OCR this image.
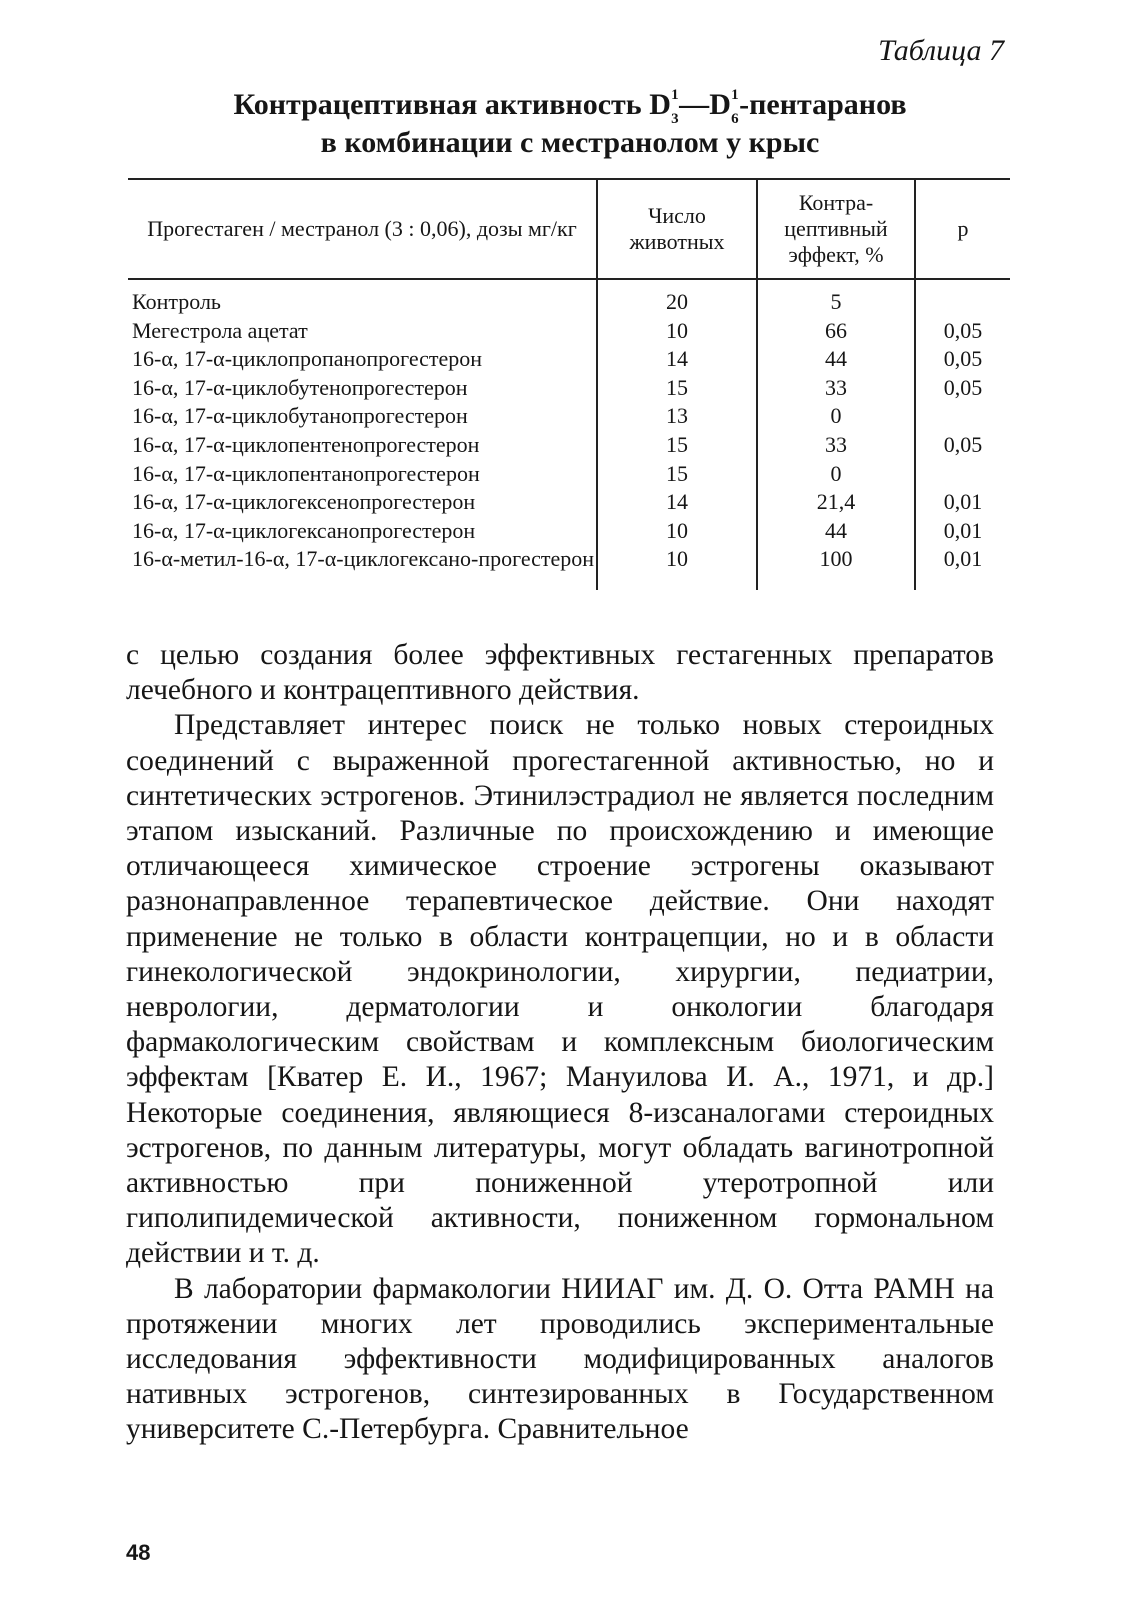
Таблица 7
Контрацептивная активность D 1
3 —D 1
6 -пентаранов
в комбинации с местранолом у крыс
Прогестаген / местранол (3 : 0,06), дозы мг/кг	Число животных	Контра-цептивный эффект, %	p
Контроль	20	5	
Мегестрола ацетат	10	66	0,05
16-α, 17-α-циклопропанопрогестерон	14	44	0,05
16-α, 17-α-циклобутенопрогестерон	15	33	0,05
16-α, 17-α-циклобутанопрогестерон	13	0	
16-α, 17-α-циклопентенопрогестерон	15	33	0,05
16-α, 17-α-циклопентанопрогестерон	15	0	
16-α, 17-α-циклогексенопрогестерон	14	21,4	0,01
16-α, 17-α-циклогексанопрогестерон	10	44	0,01
16-α-метил-16-α, 17-α-циклогексано-прогестерон	10	100	0,01

с целью создания более эффективных гестагенных препаратов лечебного и контрацептивного действия.

Представляет интерес поиск не только новых стероидных соединений с выраженной прогестагенной активностью, но и синтетических эстрогенов. Этинилэстрадиол не является последним этапом изысканий. Различные по происхождению и имеющие отличающееся химическое строение эстрогены оказывают разнонаправленное терапевтическое действие. Они находят применение не только в области контрацепции, но и в области гинекологической эндокринологии, хирургии, педиатрии, неврологии, дерматологии и онкологии благодаря фармакологическим свойствам и комплексным биологическим эффектам [Кватер Е. И., 1967; Мануилова И. А., 1971, и др.] Некоторые соединения, являющиеся 8-изсаналогами стероидных эстрогенов, по данным литературы, могут обладать вагинотропной активностью при пониженной утеротропной или гиполипидемической активности, пониженном гормональном действии и т. д.

В лаборатории фармакологии НИИАГ им. Д. О. Отта РАМН на протяжении многих лет проводились экспериментальные исследования эффективности модифицированных аналогов нативных эстрогенов, синтезированных в Государственном университете С.-Петербурга. Сравнительное

48
